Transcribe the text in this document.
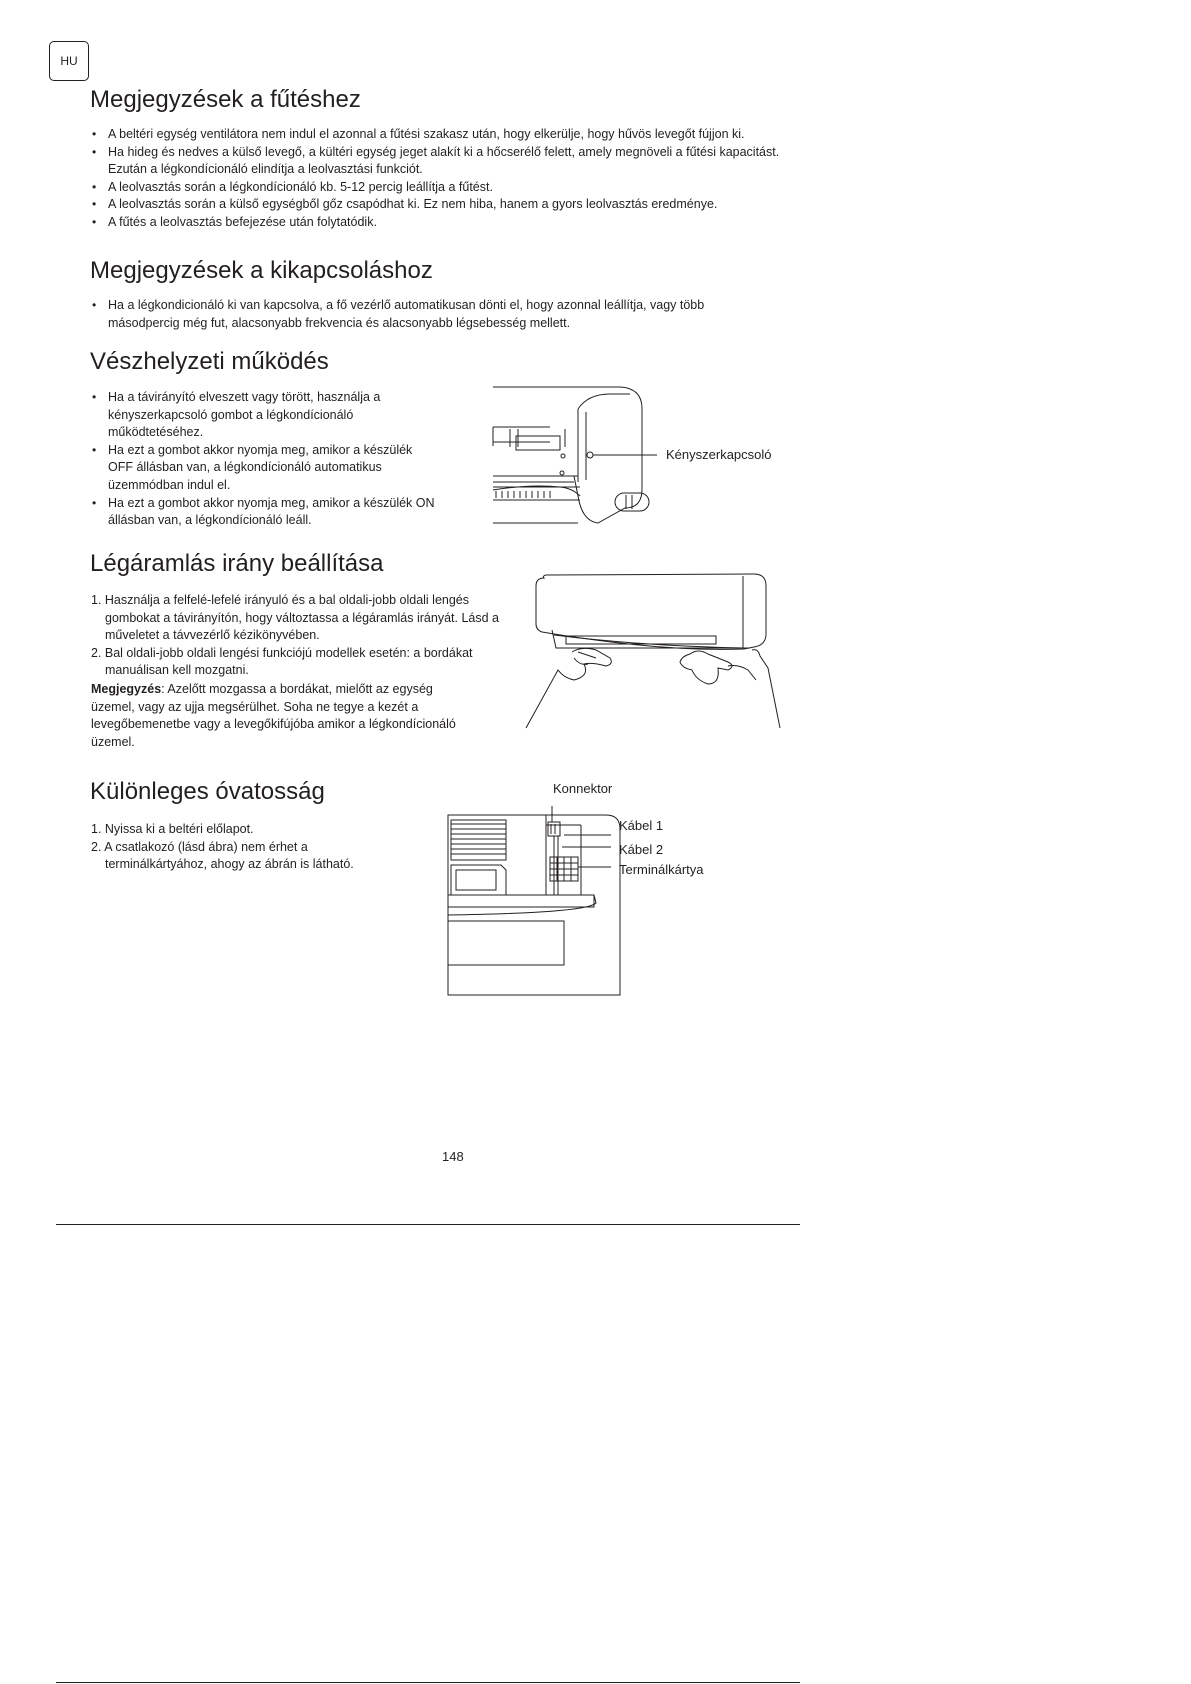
HU
Megjegyzések a fűtéshez
• A beltéri egység ventilátora nem indul el azonnal a fűtési szakasz után, hogy elkerülje, hogy hűvös levegőt fújjon ki.
• Ha hideg és nedves a külső levegő, a kültéri egység jeget alakít ki a hőcserélő felett, amely megnöveli a fűtési kapacitást. Ezután a légkondícionáló elindítja a leolvasztási funkciót.
• A leolvasztás során a légkondícionáló kb. 5-12 percig leállítja a fűtést.
• A leolvasztás során a külső egységből gőz csapódhat ki. Ez nem hiba, hanem a gyors leolvasztás eredménye.
• A fűtés a leolvasztás befejezése után folytatódik.
Megjegyzések a kikapcsoláshoz
• Ha a légkondicionáló ki van kapcsolva, a fő vezérlő automatikusan dönti el, hogy azonnal leállítja, vagy több másodpercig még fut, alacsonyabb frekvencia és alacsonyabb légsebesség mellett.
Vészhelyzeti működés
• Ha a távirányító elveszett vagy törött, használja a kényszerkapcsoló gombot a légkondícionáló működtetéséhez.
• Ha ezt a gombot akkor nyomja meg, amikor a készülék OFF állásban van, a légkondícionáló automatikus üzemmódban indul el.
• Ha ezt a gombot akkor nyomja meg, amikor a készülék ON állásban van, a légkondícionáló leáll.
Kényszerkapcsoló
Légáramlás irány beállítása
1. Használja a felfelé-lefelé irányuló és a bal oldali-jobb oldali lengés gombokat a távirányítón, hogy változtassa a légáramlás irányát. Lásd a műveletet a távvezérlő kézikönyvében.
2. Bal oldali-jobb oldali lengési funkciójú modellek esetén: a bordákat manuálisan kell mozgatni.

Megjegyzés: Azelőtt mozgassa a bordákat, mielőtt az egység üzemel, vagy az ujja megsérülhet. Soha ne tegye a kezét a levegőbemenetbe vagy a levegőkifújóba amikor a légkondícionáló üzemel.

Különleges óvatosság
1. Nyissa ki a beltéri előlapot.
2. A csatlakozó (lásd ábra) nem érhet a terminálkártyához, ahogy az ábrán is látható.
Konnektor
Kábel 1
Kábel 2
Terminálkártya
148
